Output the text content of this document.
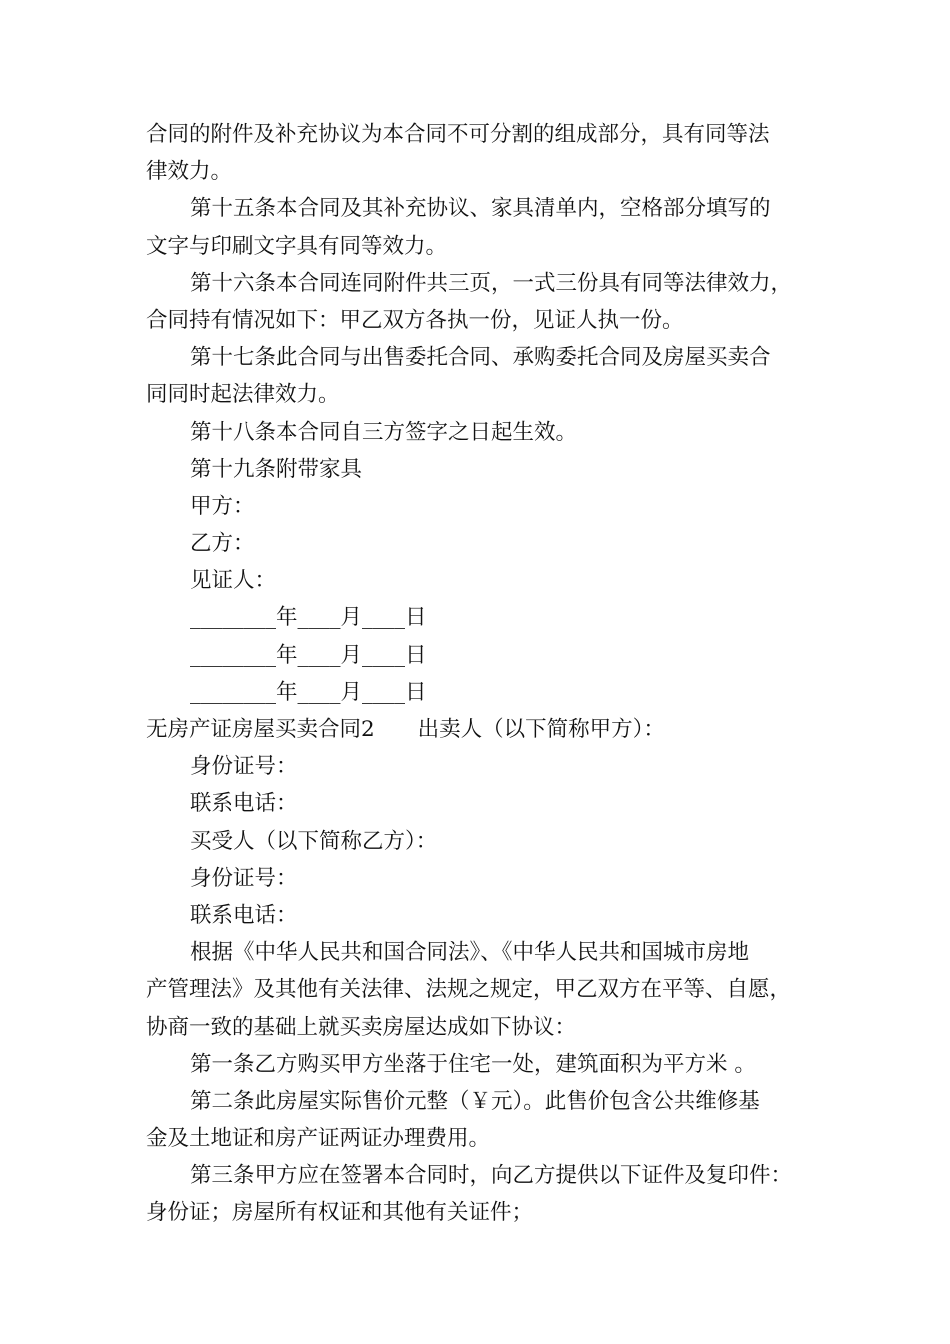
合同的附件及补充协议为本合同不可分割的组成部分，具有同等法
律效力。
第十五条本合同及其补充协议、家具清单内，空格部分填写的
文字与印刷文字具有同等效力。
第十六条本合同连同附件共三页，一式三份具有同等法律效力，
合同持有情况如下：甲乙双方各执一份，见证人执一份。
第十七条此合同与出售委托合同、承购委托合同及房屋买卖合
同同时起法律效力。
第十八条本合同自三方签字之日起生效。
第十九条附带家具
甲方：
乙方：
见证人：
________年____月____日
________年____月____日
________年____月____日
无房产证房屋买卖合同2　　出卖人（以下简称甲方）：
身份证号：
联系电话：
买受人（以下简称乙方）：
身份证号：
联系电话：
根据《中华人民共和国合同法》、《中华人民共和国城市房地
产管理法》及其他有关法律、法规之规定，甲乙双方在平等、自愿，
协商一致的基础上就买卖房屋达成如下协议：
第一条乙方购买甲方坐落于住宅一处，建筑面积为平方米 。
第二条此房屋实际售价元整（￥元）。此售价包含公共维修基
金及土地证和房产证两证办理费用。
第三条甲方应在签署本合同时，向乙方提供以下证件及复印件：
身份证；房屋所有权证和其他有关证件；
